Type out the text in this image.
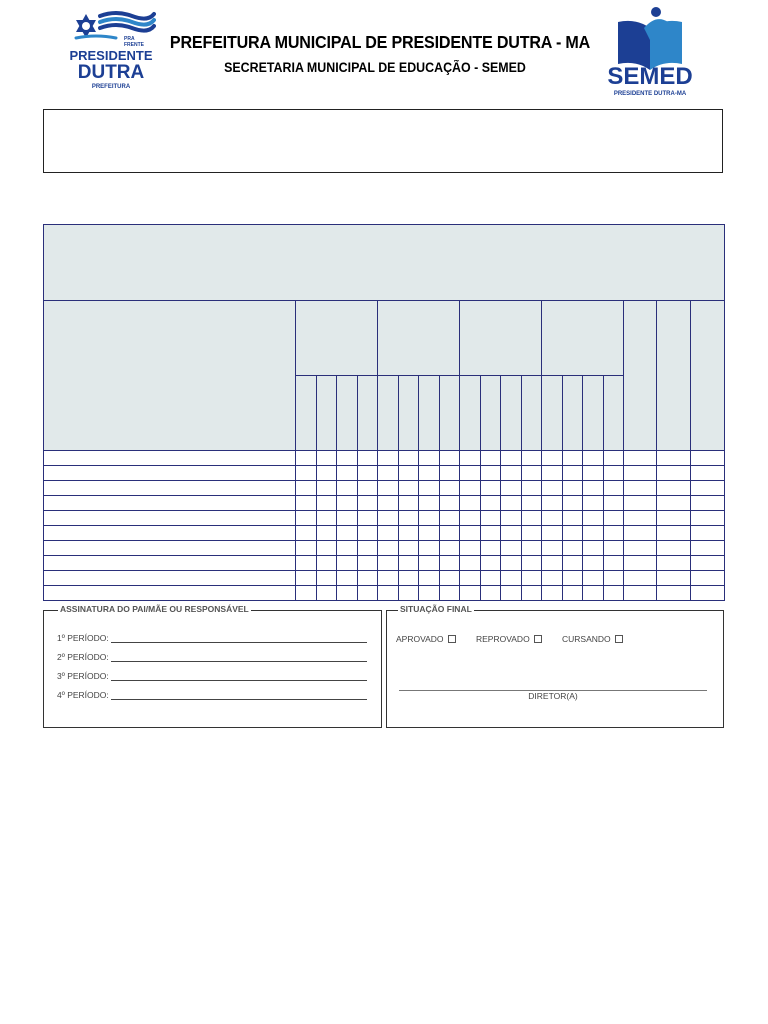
PRA
FRENTE
PRESIDENTE
DUTRA
PREFEITURA
PREFEITURA MUNICIPAL DE PRESIDENTE DUTRA - MA
SECRETARIA MUNICIPAL DE EDUCAÇÃO - SEMED	SEMED
PRESIDENTE DUTRA-MA

ASSINATURA DO PAI/MÃE OU RESPONSÁVEL
1º PERÍODO:
2º PERÍODO:
3º PERÍODO:
4º PERÍODO:
SITUAÇÃO FINAL
APROVADO	REPROVADO	CURSANDO
DIRETOR(A)
